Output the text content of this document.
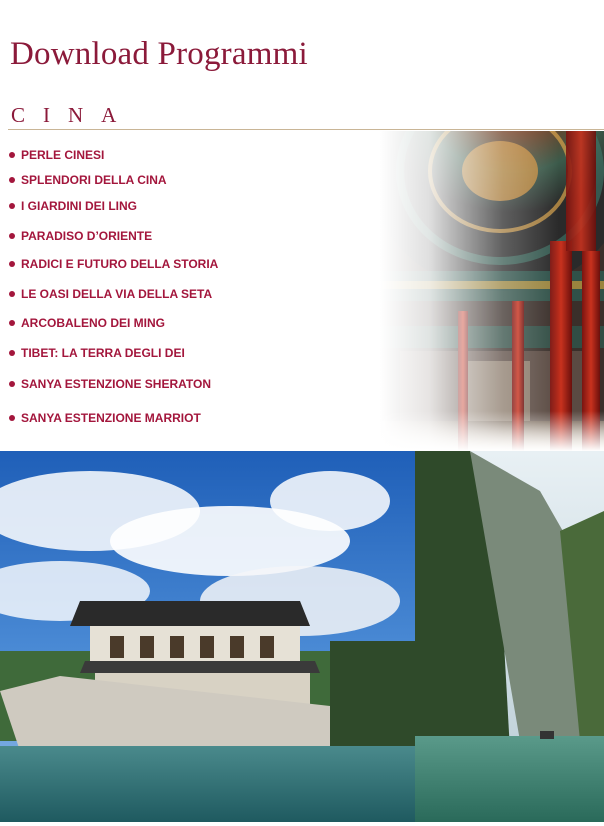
Download Programmi
CINA
PERLE CINESI
SPLENDORI DELLA CINA
I GIARDINI DEI LING
PARADISO D’ORIENTE
RADICI E FUTURO DELLA STORIA
LE OASI DELLA VIA DELLA SETA
ARCOBALENO DEI MING
TIBET: LA TERRA DEGLI DEI
SANYA ESTENZIONE SHERATON
SANYA ESTENZIONE MARRIOT
